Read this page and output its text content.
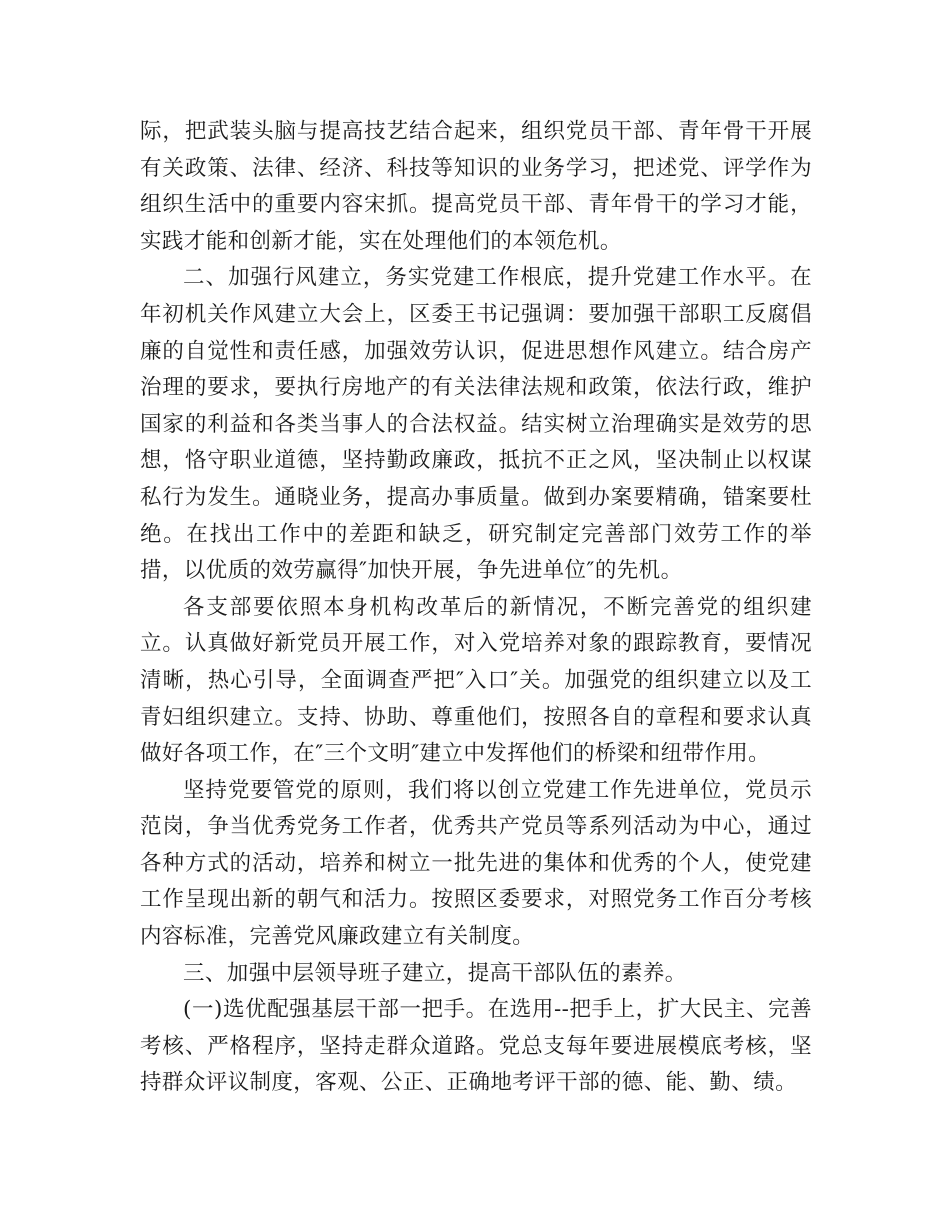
际，把武装头脑与提高技艺结合起来，组织党员干部、青年骨干开展有关政策、法律、经济、科技等知识的业务学习，把述党、评学作为组织生活中的重要内容宋抓。提高党员干部、青年骨干的学习才能，实践才能和创新才能，实在处理他们的本领危机。

二、加强行风建立，务实党建工作根底，提升党建工作水平。在年初机关作风建立大会上，区委王书记强调：要加强干部职工反腐倡廉的自觉性和责任感，加强效劳认识，促进思想作风建立。结合房产治理的要求，要执行房地产的有关法律法规和政策，依法行政，维护国家的利益和各类当事人的合法权益。结实树立治理确实是效劳的思想，恪守职业道德，坚持勤政廉政，抵抗不正之风，坚决制止以权谋私行为发生。通晓业务，提高办事质量。做到办案要精确，错案要杜绝。在找出工作中的差距和缺乏，研究制定完善部门效劳工作的举措，以优质的效劳赢得″加快开展，争先进单位″的先机。

各支部要依照本身机构改革后的新情况，不断完善党的组织建立。认真做好新党员开展工作，对入党培养对象的跟踪教育，要情况清晰，热心引导，全面调查严把″入口″关。加强党的组织建立以及工青妇组织建立。支持、协助、尊重他们，按照各自的章程和要求认真做好各项工作，在″三个文明″建立中发挥他们的桥梁和纽带作用。

坚持党要管党的原则，我们将以创立党建工作先进单位，党员示范岗，争当优秀党务工作者，优秀共产党员等系列活动为中心，通过各种方式的活动，培养和树立一批先进的集体和优秀的个人，使党建工作呈现出新的朝气和活力。按照区委要求，对照党务工作百分考核内容标准，完善党风廉政建立有关制度。

三、加强中层领导班子建立，提高干部队伍的素养。

(一)选优配强基层干部一把手。在选用--把手上，扩大民主、完善考核、严格程序，坚持走群众道路。党总支每年要进展模底考核，坚持群众评议制度，客观、公正、正确地考评干部的德、能、勤、绩。
